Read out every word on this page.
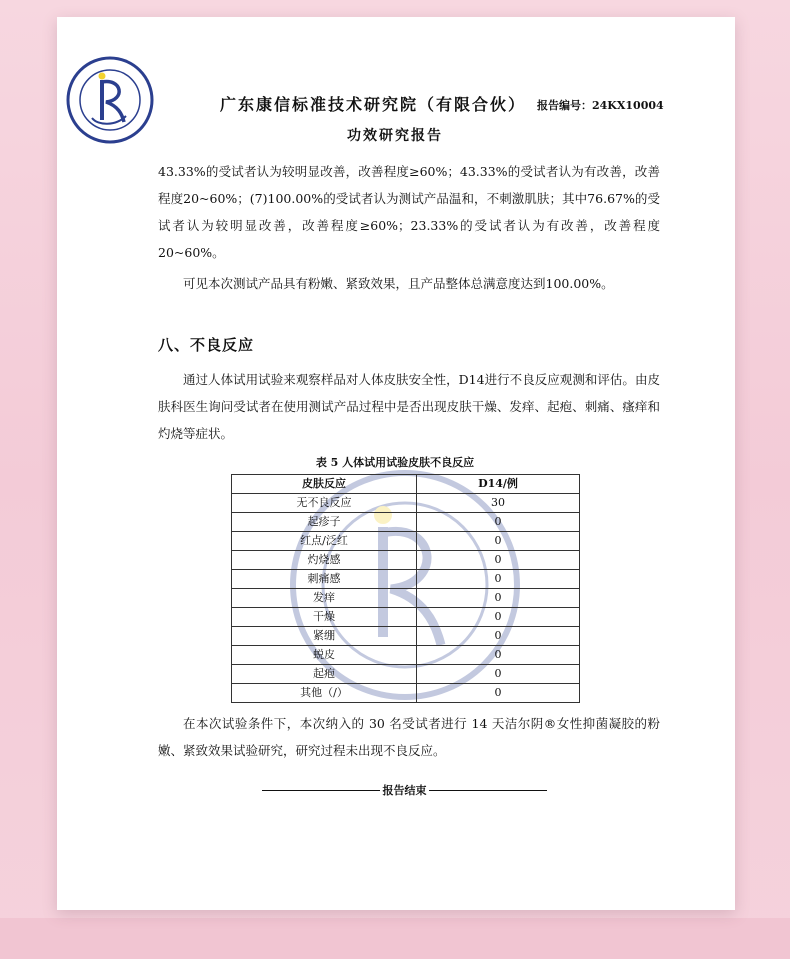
广东康信标准技术研究院（有限合伙） 报告编号：24KX10004
功效研究报告
43.33%的受试者认为较明显改善，改善程度≥60%；43.33%的受试者认为有改善，改善程度20~60%；(7)100.00%的受试者认为测试产品温和，不刺激肌肤；其中76.67%的受试者认为较明显改善，改善程度≥60%；23.33%的受试者认为有改善，改善程度20~60%。
可见本次测试产品具有粉嫩、紧致效果，且产品整体总满意度达到100.00%。
八、不良反应
通过人体试用试验来观察样品对人体皮肤安全性，D14进行不良反应观测和评估。由皮肤科医生询问受试者在使用测试产品过程中是否出现皮肤干燥、发痒、起疱、刺痛、瘙痒和灼烧等症状。
表 5 人体试用试验皮肤不良反应
皮肤反应	D14/例
无不良反应	30
起疹子	0
红点/泛红	0
灼烧感	0
刺痛感	0
发痒	0
干燥	0
紧绷	0
蜕皮	0
起疱	0
其他（/）	0
在本次试验条件下，本次纳入的 30 名受试者进行 14 天洁尔阴®女性抑菌凝胶的粉嫩、紧致效果试验研究，研究过程未出现不良反应。
报告结束
